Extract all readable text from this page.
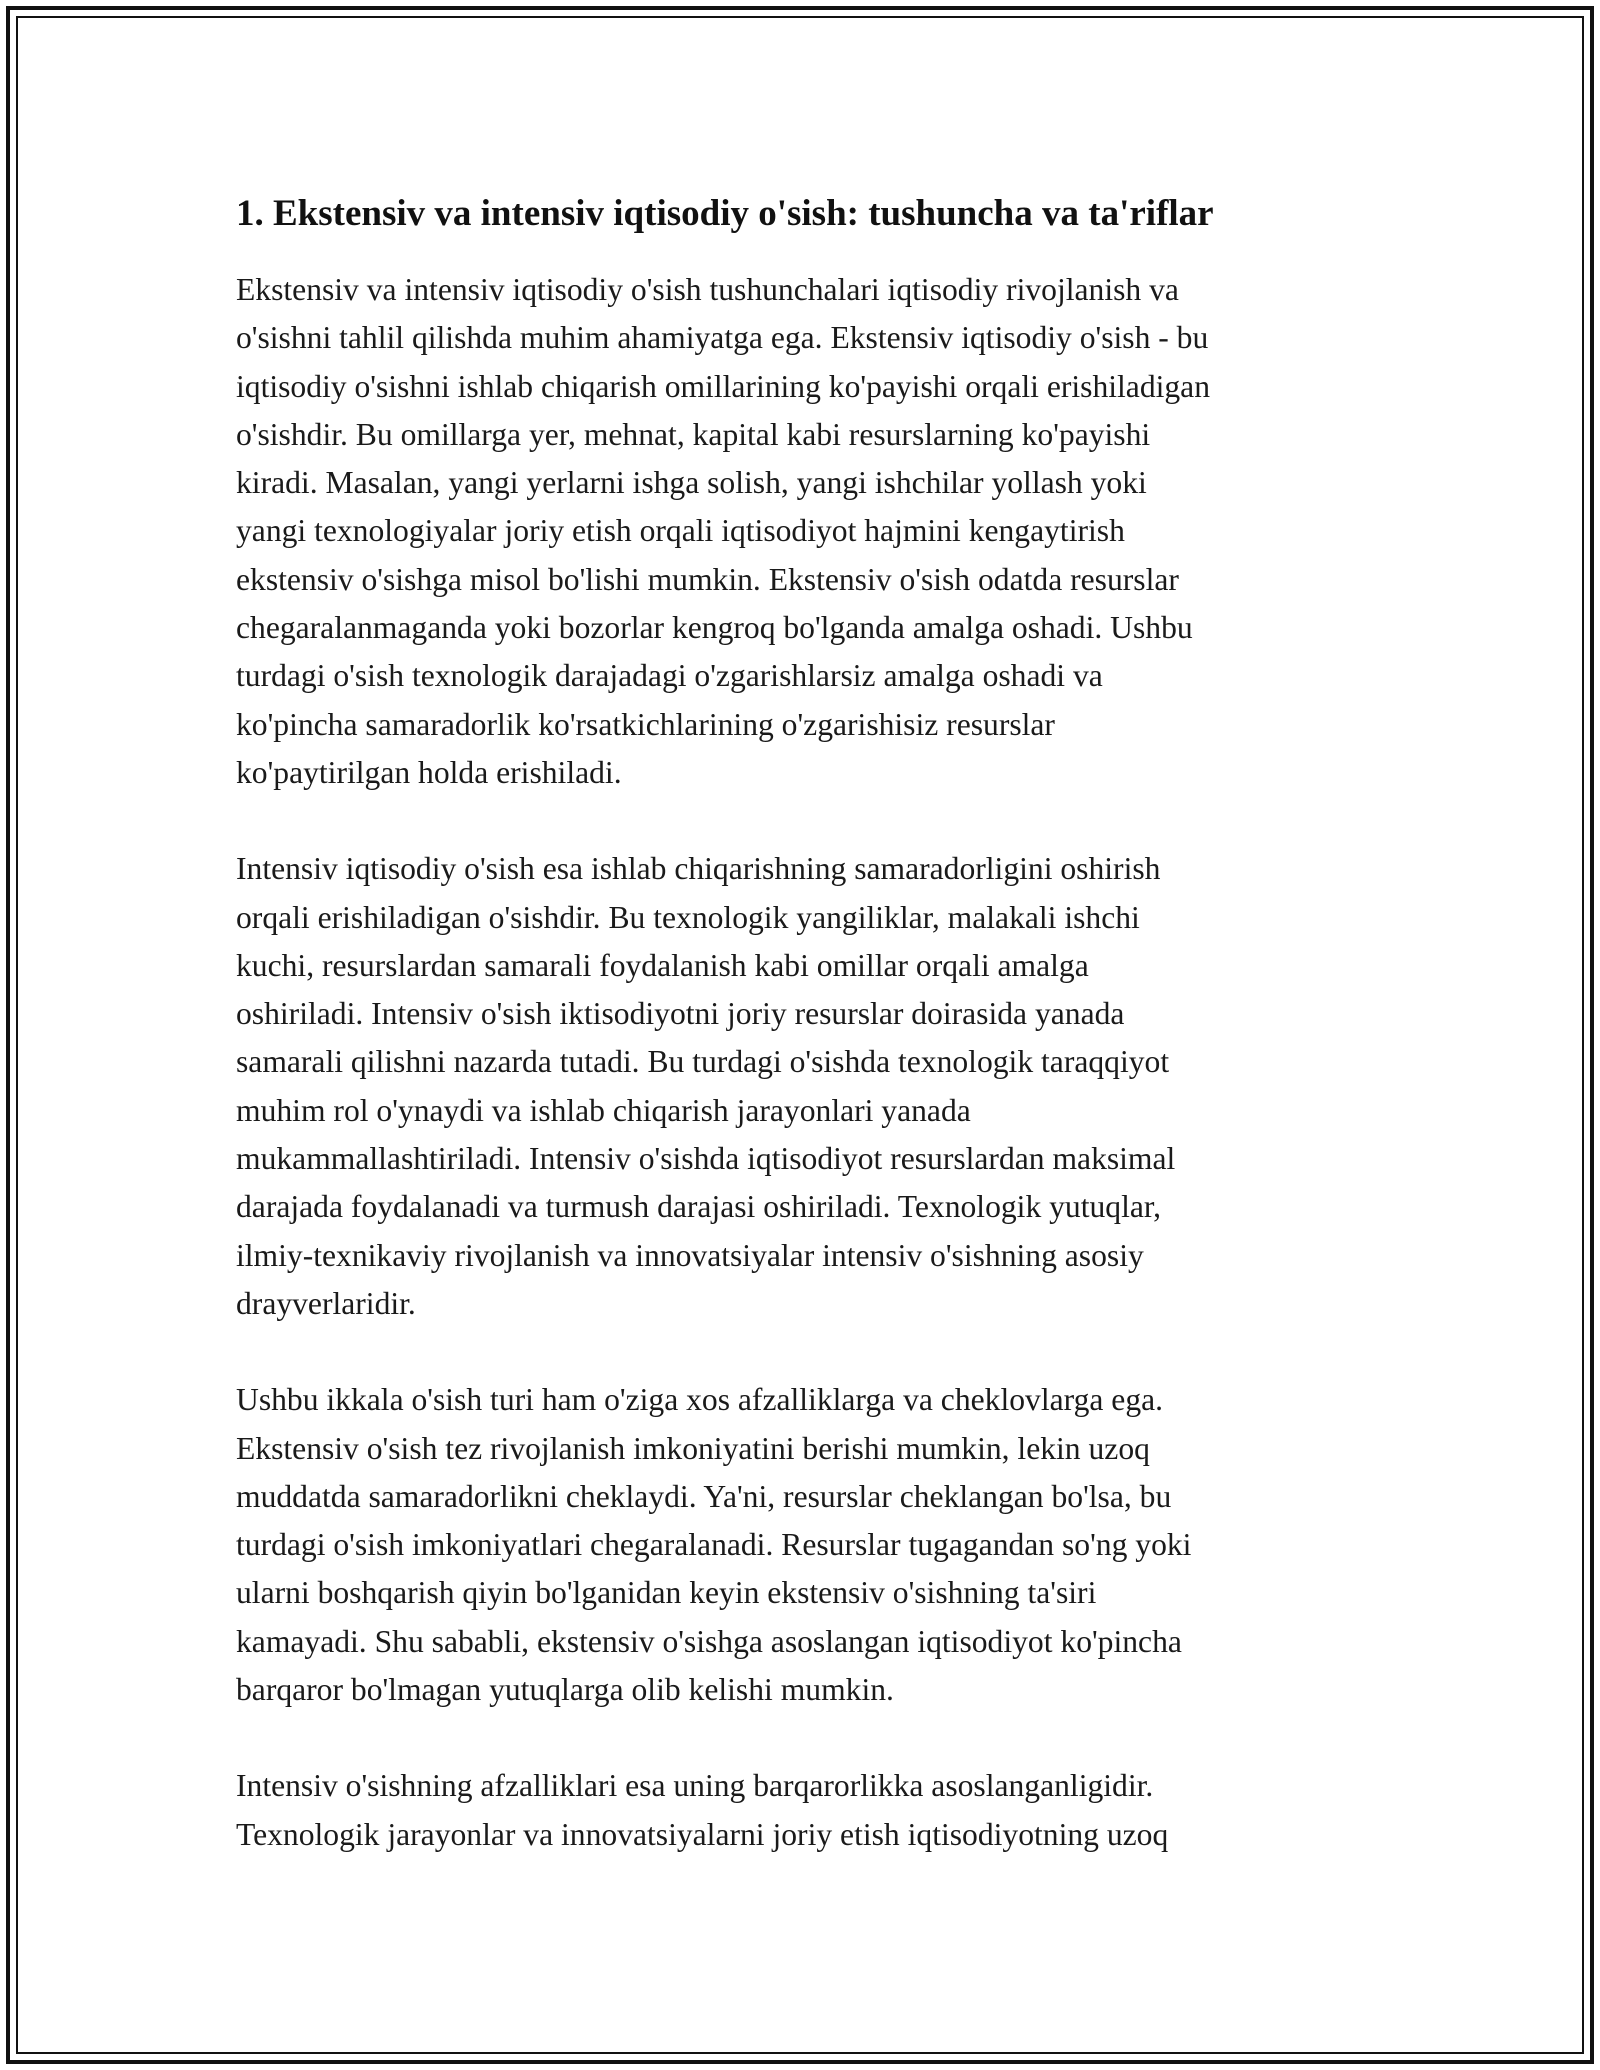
1. Ekstensiv va intensiv iqtisodiy o'sish: tushuncha va ta'riflar

Ekstensiv va intensiv iqtisodiy o'sish tushunchalari iqtisodiy rivojlanish va
o'sishni tahlil qilishda muhim ahamiyatga ega. Ekstensiv iqtisodiy o'sish - bu
iqtisodiy o'sishni ishlab chiqarish omillarining ko'payishi orqali erishiladigan
o'sishdir. Bu omillarga yer, mehnat, kapital kabi resurslarning ko'payishi
kiradi. Masalan, yangi yerlarni ishga solish, yangi ishchilar yollash yoki
yangi texnologiyalar joriy etish orqali iqtisodiyot hajmini kengaytirish
ekstensiv o'sishga misol bo'lishi mumkin. Ekstensiv o'sish odatda resurslar
chegaralanmaganda yoki bozorlar kengroq bo'lganda amalga oshadi. Ushbu
turdagi o'sish texnologik darajadagi o'zgarishlarsiz amalga oshadi va
ko'pincha samaradorlik ko'rsatkichlarining o'zgarishisiz resurslar
ko'paytirilgan holda erishiladi.

Intensiv iqtisodiy o'sish esa ishlab chiqarishning samaradorligini oshirish
orqali erishiladigan o'sishdir. Bu texnologik yangiliklar, malakali ishchi
kuchi, resurslardan samarali foydalanish kabi omillar orqali amalga
oshiriladi. Intensiv o'sish iktisodiyotni joriy resurslar doirasida yanada
samarali qilishni nazarda tutadi. Bu turdagi o'sishda texnologik taraqqiyot
muhim rol o'ynaydi va ishlab chiqarish jarayonlari yanada
mukammallashtiriladi. Intensiv o'sishda iqtisodiyot resurslardan maksimal
darajada foydalanadi va turmush darajasi oshiriladi. Texnologik yutuqlar,
ilmiy-texnikaviy rivojlanish va innovatsiyalar intensiv o'sishning asosiy
drayverlaridir.

Ushbu ikkala o'sish turi ham o'ziga xos afzalliklarga va cheklovlarga ega.
Ekstensiv o'sish tez rivojlanish imkoniyatini berishi mumkin, lekin uzoq
muddatda samaradorlikni cheklaydi. Ya'ni, resurslar cheklangan bo'lsa, bu
turdagi o'sish imkoniyatlari chegaralanadi. Resurslar tugagandan so'ng yoki
ularni boshqarish qiyin bo'lganidan keyin ekstensiv o'sishning ta'siri
kamayadi. Shu sababli, ekstensiv o'sishga asoslangan iqtisodiyot ko'pincha
barqaror bo'lmagan yutuqlarga olib kelishi mumkin.

Intensiv o'sishning afzalliklari esa uning barqarorlikka asoslanganligidir.
Texnologik jarayonlar va innovatsiyalarni joriy etish iqtisodiyotning uzoq
